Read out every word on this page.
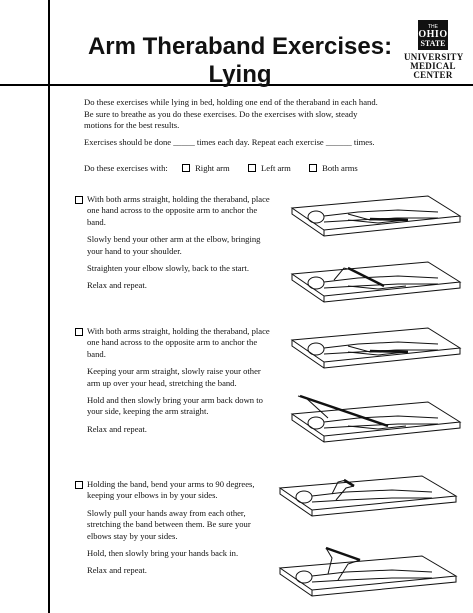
Arm Theraband Exercises:
Lying
THE
OHIO
STATE
UNIVERSITY
MEDICAL
CENTER
Do these exercises while lying in bed, holding one end of the theraband in each hand. Be sure to breathe as you do these exercises. Do the exercises with slow, steady motions for the best results.
Exercises should be done _____ times each day. Repeat each exercise ______ times.
Do these exercises with:	Right arm	Left arm	Both arms

With both arms straight, holding the theraband, place one hand across to the opposite arm to anchor the band.

Slowly bend your other arm at the elbow, bringing your hand to your shoulder.

Straighten your elbow slowly, back to the start.

Relax and repeat.

With both arms straight, holding the theraband, place one hand across to the opposite arm to anchor the band.

Keeping your arm straight, slowly raise your other arm up over your head, stretching the band.

Hold and then slowly bring your arm back down to your side, keeping the arm straight.

Relax and repeat.

Holding the band, bend your arms to 90 degrees, keeping your elbows in by your sides.

Slowly pull your hands away from each other, stretching the band between them. Be sure your elbows stay by your sides.

Hold, then slowly bring your hands back in.

Relax and repeat.
